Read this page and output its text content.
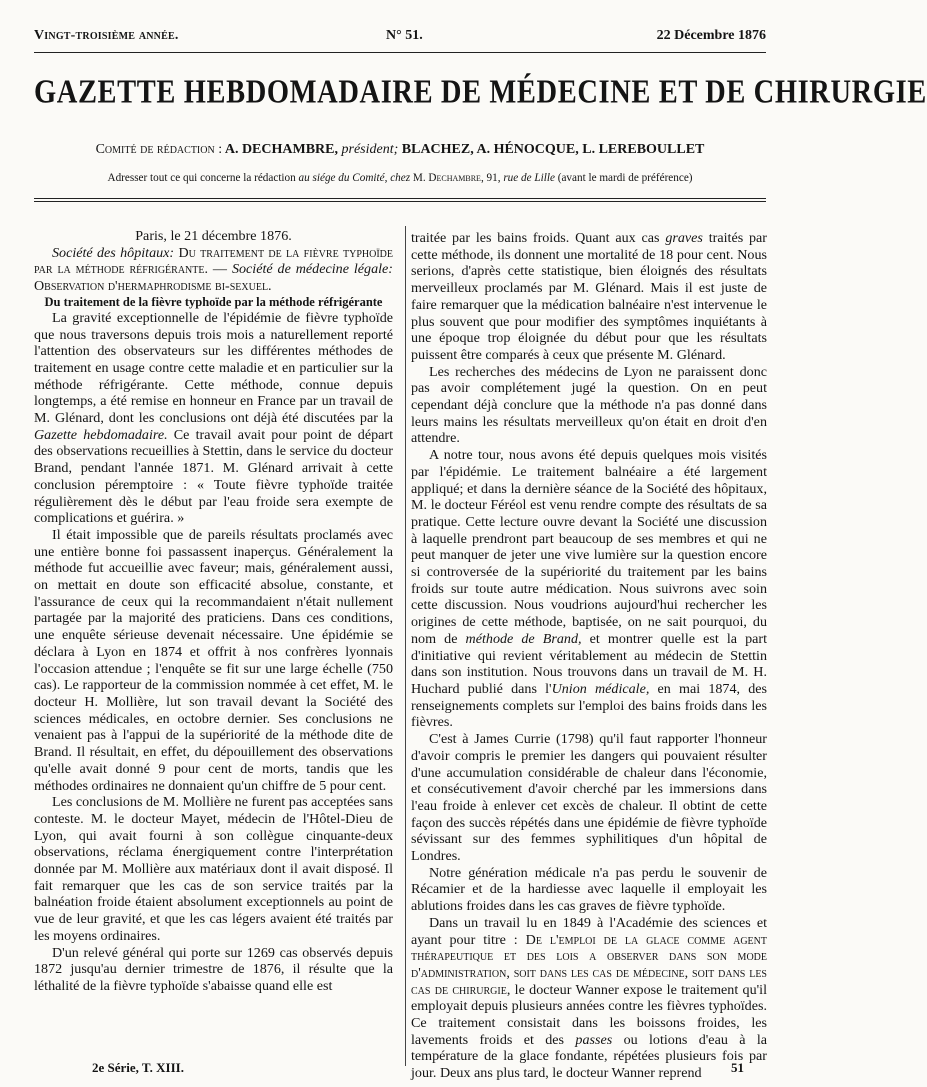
Vingt-troisième année.	N° 51.	22 Décembre 1876
GAZETTE HEBDOMADAIRE DE MÉDECINE ET DE CHIRURGIE
Comité de rédaction : A. DECHAMBRE, président; BLACHEZ, A. HÉNOCQUE, L. LEREBOULLET
Adresser tout ce qui concerne la rédaction au siége du Comité, chez M. Dechambre, 91, rue de Lille (avant le mardi de préférence)

Paris, le 21 décembre 1876.

Société des hôpitaux: Du traitement de la fièvre typhoïde par la méthode réfrigérante. — Société de médecine légale: Observation d'hermaphrodisme bi-sexuel.

Du traitement de la fièvre typhoïde par la méthode réfrigérante

La gravité exceptionnelle de l'épidémie de fièvre typhoïde que nous traversons depuis trois mois a naturellement reporté l'attention des observateurs sur les différentes méthodes de traitement en usage contre cette maladie et en particulier sur la méthode réfrigérante. Cette méthode, connue depuis longtemps, a été remise en honneur en France par un travail de M. Glénard, dont les conclusions ont déjà été discutées par la Gazette hebdomadaire. Ce travail avait pour point de départ des observations recueillies à Stettin, dans le service du docteur Brand, pendant l'année 1871. M. Glénard arrivait à cette conclusion péremptoire : « Toute fièvre typhoïde traitée régulièrement dès le début par l'eau froide sera exempte de complications et guérira. »

Il était impossible que de pareils résultats proclamés avec une entière bonne foi passassent inaperçus. Généralement la méthode fut accueillie avec faveur; mais, généralement aussi, on mettait en doute son efficacité absolue, constante, et l'assurance de ceux qui la recommandaient n'était nullement partagée par la majorité des praticiens. Dans ces conditions, une enquête sérieuse devenait nécessaire. Une épidémie se déclara à Lyon en 1874 et offrit à nos confrères lyonnais l'occasion attendue ; l'enquête se fit sur une large échelle (750 cas). Le rapporteur de la commission nommée à cet effet, M. le docteur H. Mollière, lut son travail devant la Société des sciences médicales, en octobre dernier. Ses conclusions ne venaient pas à l'appui de la supériorité de la méthode dite de Brand. Il résultait, en effet, du dépouillement des observations qu'elle avait donné 9 pour cent de morts, tandis que les méthodes ordinaires ne donnaient qu'un chiffre de 5 pour cent.

Les conclusions de M. Mollière ne furent pas acceptées sans conteste. M. le docteur Mayet, médecin de l'Hôtel-Dieu de Lyon, qui avait fourni à son collègue cinquante-deux observations, réclama énergiquement contre l'interprétation donnée par M. Mollière aux matériaux dont il avait disposé. Il fait remarquer que les cas de son service traités par la balnéation froide étaient absolument exceptionnels au point de vue de leur gravité, et que les cas légers avaient été traités par les moyens ordinaires.

D'un relevé général qui porte sur 1269 cas observés depuis 1872 jusqu'au dernier trimestre de 1876, il résulte que la léthalité de la fièvre typhoïde s'abaisse quand elle est

traitée par les bains froids. Quant aux cas graves traités par cette méthode, ils donnent une mortalité de 18 pour cent. Nous serions, d'après cette statistique, bien éloignés des résultats merveilleux proclamés par M. Glénard. Mais il est juste de faire remarquer que la médication balnéaire n'est intervenue le plus souvent que pour modifier des symptômes inquiétants à une époque trop éloignée du début pour que les résultats puissent être comparés à ceux que présente M. Glénard.

Les recherches des médecins de Lyon ne paraissent donc pas avoir complétement jugé la question. On en peut cependant déjà conclure que la méthode n'a pas donné dans leurs mains les résultats merveilleux qu'on était en droit d'en attendre.

A notre tour, nous avons été depuis quelques mois visités par l'épidémie. Le traitement balnéaire a été largement appliqué; et dans la dernière séance de la Société des hôpitaux, M. le docteur Féréol est venu rendre compte des résultats de sa pratique. Cette lecture ouvre devant la Société une discussion à laquelle prendront part beaucoup de ses membres et qui ne peut manquer de jeter une vive lumière sur la question encore si controversée de la supériorité du traitement par les bains froids sur toute autre médication. Nous suivrons avec soin cette discussion. Nous voudrions aujourd'hui rechercher les origines de cette méthode, baptisée, on ne sait pourquoi, du nom de méthode de Brand, et montrer quelle est la part d'initiative qui revient véritablement au médecin de Stettin dans son institution. Nous trouvons dans un travail de M. H. Huchard publié dans l'Union médicale, en mai 1874, des renseignements complets sur l'emploi des bains froids dans les fièvres.

C'est à James Currie (1798) qu'il faut rapporter l'honneur d'avoir compris le premier les dangers qui pouvaient résulter d'une accumulation considérable de chaleur dans l'économie, et consécutivement d'avoir cherché par les immersions dans l'eau froide à enlever cet excès de chaleur. Il obtint de cette façon des succès répétés dans une épidémie de fièvre typhoïde sévissant sur des femmes syphilitiques d'un hôpital de Londres.

Notre génération médicale n'a pas perdu le souvenir de Récamier et de la hardiesse avec laquelle il employait les ablutions froides dans les cas graves de fièvre typhoïde.

Dans un travail lu en 1849 à l'Académie des sciences et ayant pour titre : De l'emploi de la glace comme agent thérapeutique et des lois a observer dans son mode d'administration, soit dans les cas de médecine, soit dans les cas de chirurgie, le docteur Wanner expose le traitement qu'il employait depuis plusieurs années contre les fièvres typhoïdes. Ce traitement consistait dans les boissons froides, les lavements froids et des passes ou lotions d'eau à la température de la glace fondante, répétées plusieurs fois par jour. Deux ans plus tard, le docteur Wanner reprend

2e Série, T. XIII.	51
